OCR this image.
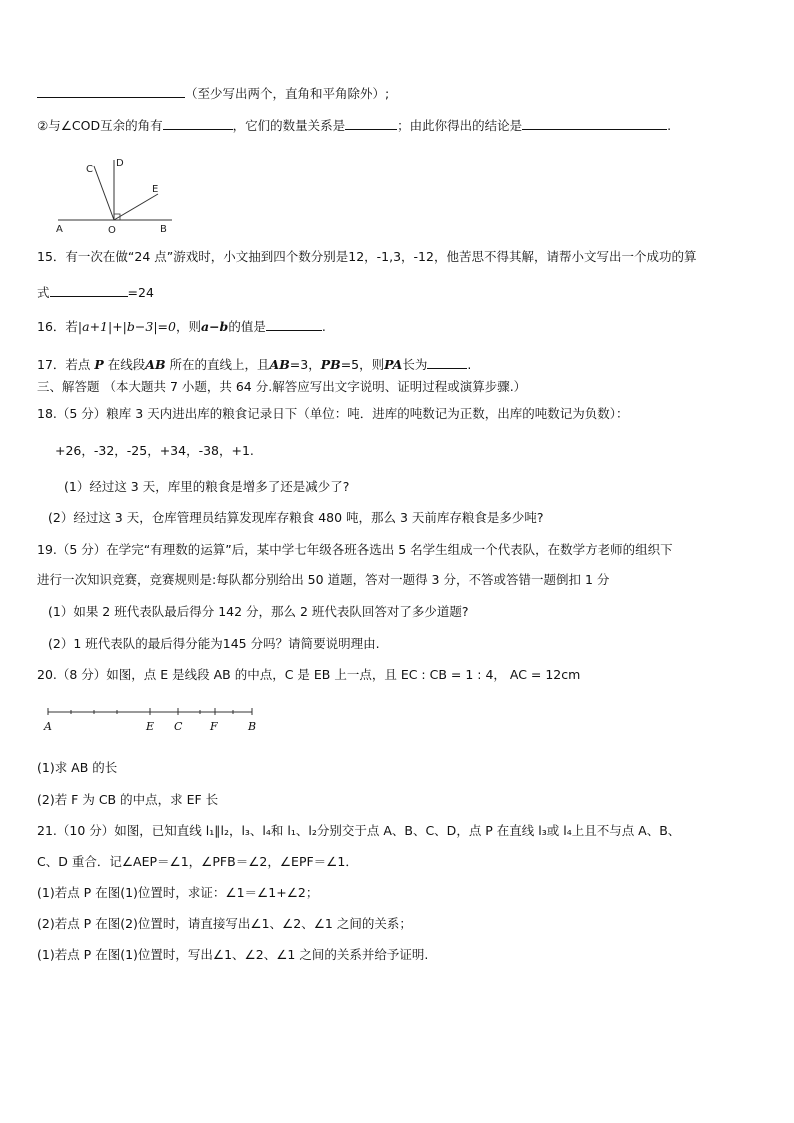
（至少写出两个，直角和平角除外）;
②与∠COD互余的角有	，它们的数量关系是	；由此你得出的结论是	.
C
D
E
A	O	B
15．有一次在做“24 点”游戏时，小文抽到四个数分别是12，-1,3，-12，他苦思不得其解，请帮小文写出一个成功的算
式	=24
16．若|a+1|+|b−3|=0，则a−b的值是	.
17．若点 P 在线段AB 所在的直线上，且AB=3，PB=5，则PA长为	.
三、解答题 （本大题共 7 小题，共 64 分.解答应写出文字说明、证明过程或演算步骤.）
18.（5 分）粮库 3 天内进出库的粮食记录日下（单位：吨．进库的吨数记为正数，出库的吨数记为负数）：
+26，-32，-25，+34，-38，+1.
(1）经过这 3 天，库里的粮食是增多了还是减少了?
(2）经过这 3 天，仓库管理员结算发现库存粮食 480 吨，那么 3 天前库存粮食是多少吨?
19.（5 分）在学完“有理数的运算”后，某中学七年级各班各选出 5 名学生组成一个代表队，在数学方老师的组织下
进行一次知识竞赛，竞赛规则是:每队都分别给出 50 道题，答对一题得 3 分，不答或答错一题倒扣 1 分
(1）如果 2 班代表队最后得分 142 分，那么 2 班代表队回答对了多少道题?
(2）1 班代表队的最后得分能为145 分吗？请简要说明理由.
20.（8 分）如图，点 E 是线段 AB 的中点，C 是 EB 上一点，且 EC : CB = 1 : 4， AC = 12cm
A	E C	F	B
(1)求 AB 的长
(2)若 F 为 CB 的中点，求 EF 长
21.（10 分）如图，已知直线 l₁∥l₂，l₃、l₄和 l₁、l₂分别交于点 A、B、C、D，点 P 在直线 l₃或 l₄上且不与点 A、B、
C、D 重合．记∠AEP＝∠1，∠PFB＝∠2，∠EPF＝∠1．
(1)若点 P 在图(1)位置时，求证：∠1＝∠1+∠2；
(2)若点 P 在图(2)位置时，请直接写出∠1、∠2、∠1 之间的关系；
(1)若点 P 在图(1)位置时，写出∠1、∠2、∠1 之间的关系并给予证明.
